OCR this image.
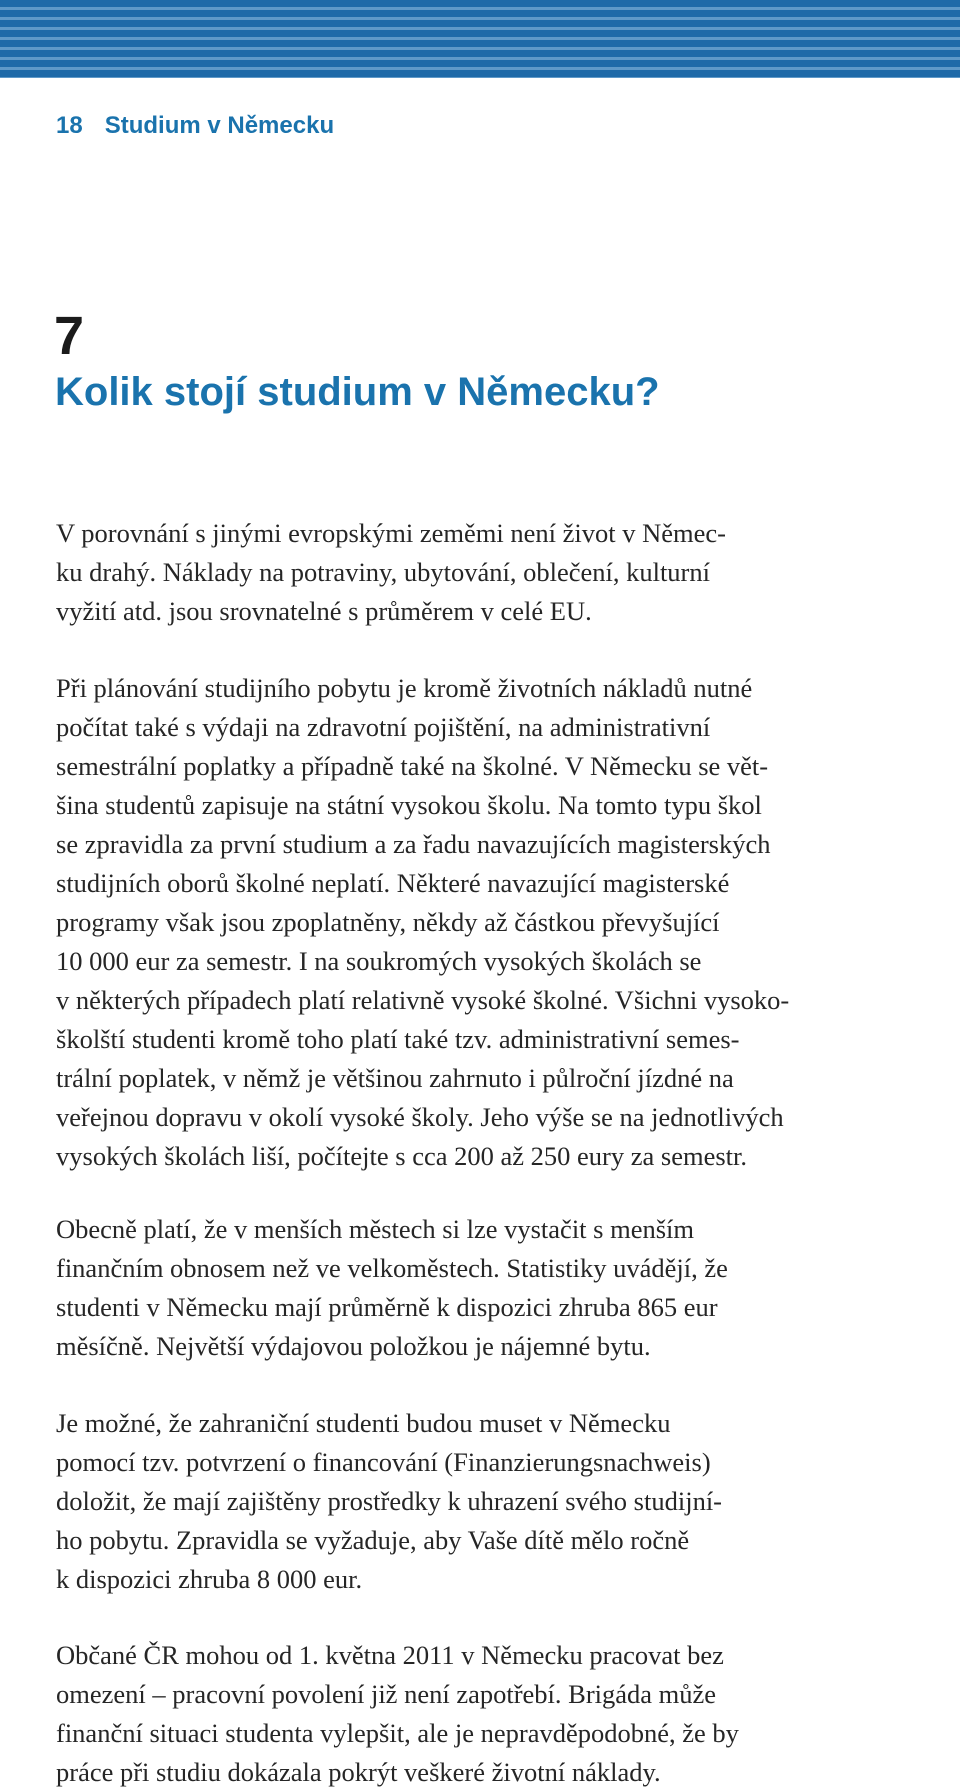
18 Studium v Německu
7
Kolik stojí studium v Německu?
V porovnání s jinými evropskými zeměmi není život v Němec-
ku drahý. Náklady na potraviny, ubytování, oblečení, kulturní
vyžití atd. jsou srovnatelné s průměrem v celé EU.
Při plánování studijního pobytu je kromě životních nákladů nutné
počítat také s výdaji na zdravotní pojištění, na administrativní
semestrální poplatky a případně také na školné. V Německu se vět-
šina studentů zapisuje na státní vysokou školu. Na tomto typu škol
se zpravidla za první studium a za řadu navazujících magisterských
studijních oborů školné neplatí. Některé navazující magisterské
programy však jsou zpoplatněny, někdy až částkou převyšující
10 000 eur za semestr. I na soukromých vysokých školách se
v některých případech platí relativně vysoké školné. Všichni vysoko-
školští studenti kromě toho platí také tzv. administrativní semes-
trální poplatek, v němž je většinou zahrnuto i půlroční jízdné na
veřejnou dopravu v okolí vysoké školy. Jeho výše se na jednotlivých
vysokých školách liší, počítejte s cca 200 až 250 eury za semestr.
Obecně platí, že v menších městech si lze vystačit s menším
finančním obnosem než ve velkoměstech. Statistiky uvádějí, že
studenti v Německu mají průměrně k dispozici zhruba 865 eur
měsíčně. Největší výdajovou položkou je nájemné bytu.
Je možné, že zahraniční studenti budou muset v Německu
pomocí tzv. potvrzení o financování (Finanzierungsnachweis)
doložit, že mají zajištěny prostředky k uhrazení svého studijní-
ho pobytu. Zpravidla se vyžaduje, aby Vaše dítě mělo ročně
k dispozici zhruba 8 000 eur.
Občané ČR mohou od 1. května 2011 v Německu pracovat bez
omezení – pracovní povolení již není zapotřebí. Brigáda může
finanční situaci studenta vylepšit, ale je nepravděpodobné, že by
práce při studiu dokázala pokrýt veškeré životní náklady.
